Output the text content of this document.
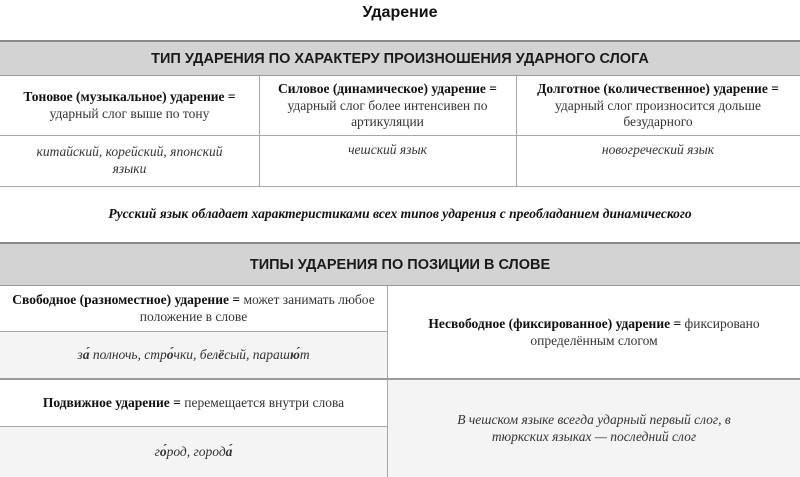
Ударение
ТИП УДАРЕНИЯ ПО ХАРАКТЕРУ ПРОИЗНОШЕНИЯ УДАРНОГО СЛОГА
Тоновое (музыкальное) ударение =
ударный слог выше по тону
Силовое (динамическое) ударение =
ударный слог более интенсивен по артикуляции
Долготное (количественное) ударение =
ударный слог произносится дольше безударного
китайский, корейский, японский языки
чешский язык	новогреческий язык
Русский язык обладает характеристиками всех типов ударения с преобладанием динамического
ТИПЫ УДАРЕНИЯ ПО ПОЗИЦИИ В СЛОВЕ
Свободное (разноместное) ударение = может занимать любое положение в слове
за́ полночь, стро́чки, белёсый, парашю́т
Подвижное ударение = перемещается внутри слова
го́род, города́
Несвободное (фиксированное) ударение = фиксировано определённым слогом
В чешском языке всегда ударный первый слог, в тюркских языках — последний слог
